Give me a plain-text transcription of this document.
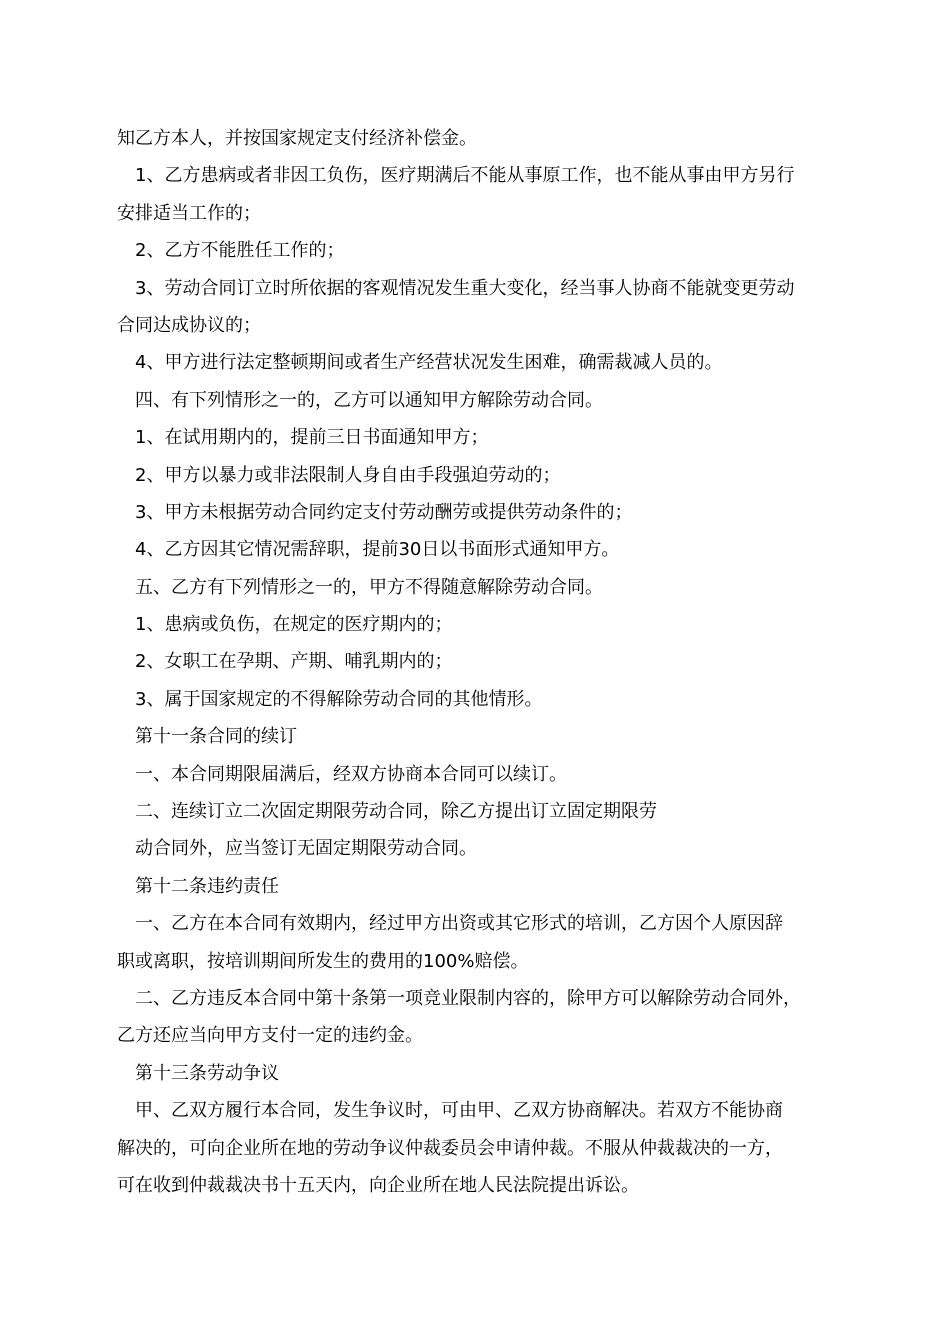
知乙方本人，并按国家规定支付经济补偿金。
1、乙方患病或者非因工负伤，医疗期满后不能从事原工作，也不能从事由甲方另行
安排适当工作的；
2、乙方不能胜任工作的；
3、劳动合同订立时所依据的客观情况发生重大变化，经当事人协商不能就变更劳动
合同达成协议的；
4、甲方进行法定整顿期间或者生产经营状况发生困难，确需裁减人员的。
四、有下列情形之一的，乙方可以通知甲方解除劳动合同。
1、在试用期内的，提前三日书面通知甲方；
2、甲方以暴力或非法限制人身自由手段强迫劳动的；
3、甲方未根据劳动合同约定支付劳动酬劳或提供劳动条件的；
4、乙方因其它情况需辞职，提前30日以书面形式通知甲方。
五、乙方有下列情形之一的，甲方不得随意解除劳动合同。
1、患病或负伤，在规定的医疗期内的；
2、女职工在孕期、产期、哺乳期内的；
3、属于国家规定的不得解除劳动合同的其他情形。
第十一条合同的续订
一、本合同期限届满后，经双方协商本合同可以续订。
二、连续订立二次固定期限劳动合同，除乙方提出订立固定期限劳
动合同外，应当签订无固定期限劳动合同。
第十二条违约责任
一、乙方在本合同有效期内，经过甲方出资或其它形式的培训，乙方因个人原因辞
职或离职，按培训期间所发生的费用的100%赔偿。
二、乙方违反本合同中第十条第一项竞业限制内容的，除甲方可以解除劳动合同外，
乙方还应当向甲方支付一定的违约金。
第十三条劳动争议
甲、乙双方履行本合同，发生争议时，可由甲、乙双方协商解决。若双方不能协商
解决的，可向企业所在地的劳动争议仲裁委员会申请仲裁。不服从仲裁裁决的一方，
可在收到仲裁裁决书十五天内，向企业所在地人民法院提出诉讼。
